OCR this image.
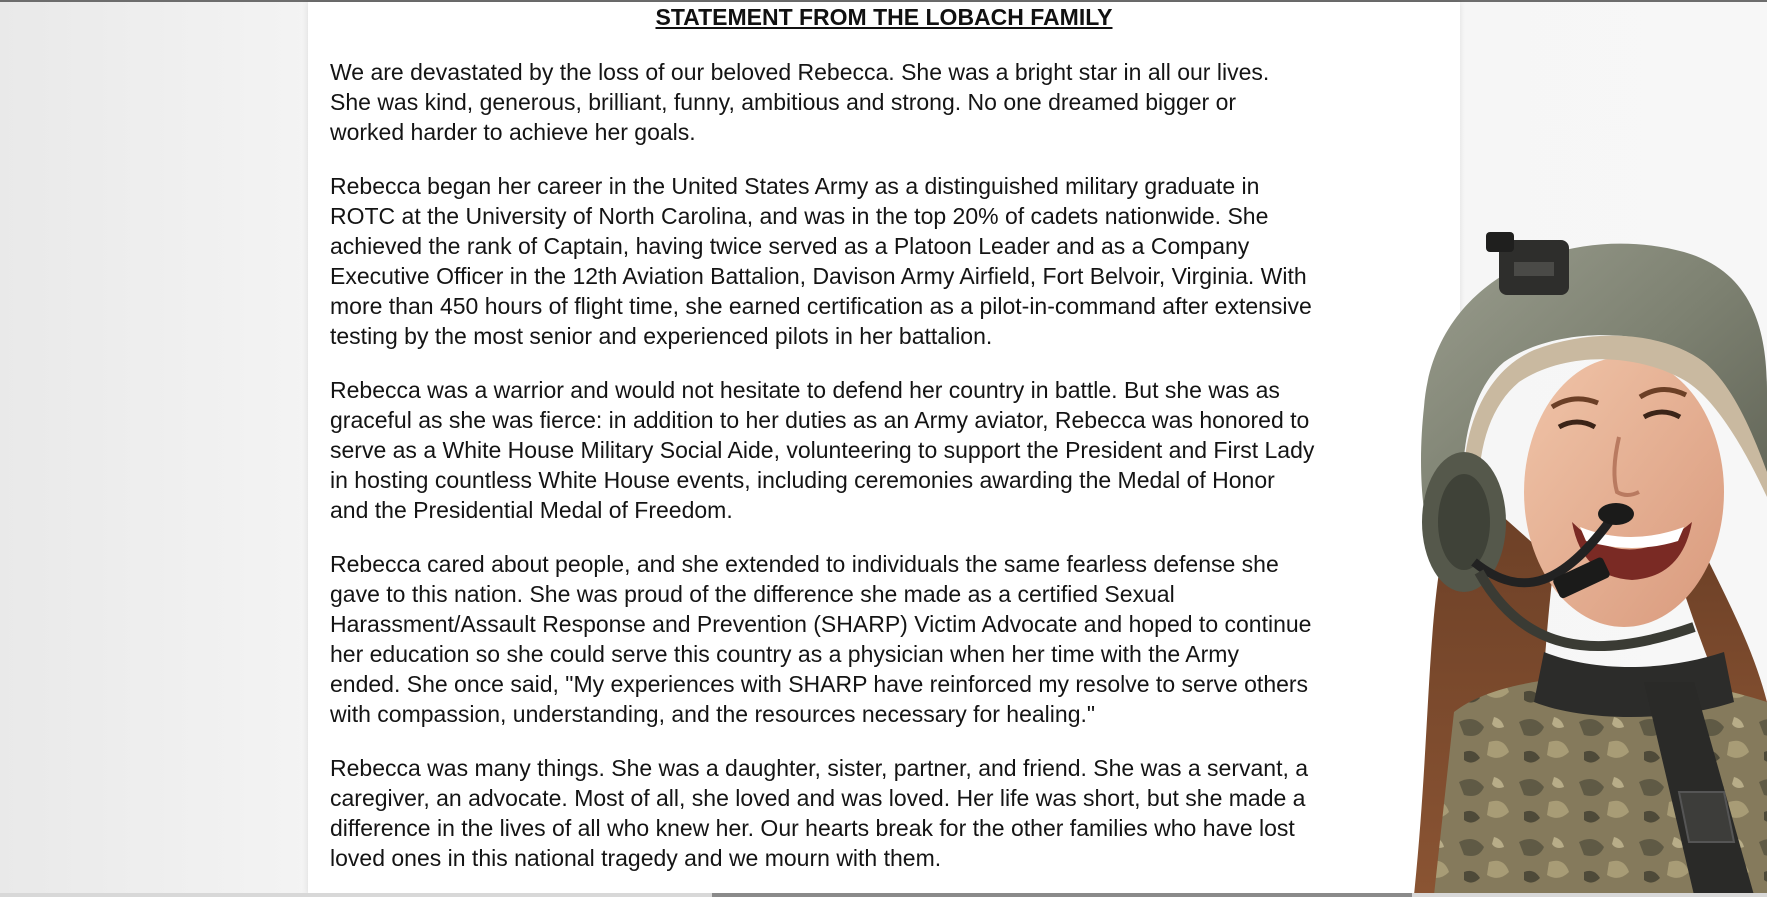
STATEMENT FROM THE LOBACH FAMILY

We are devastated by the loss of our beloved Rebecca. She was a bright star in all our lives.
She was kind, generous, brilliant, funny, ambitious and strong. No one dreamed bigger or
worked harder to achieve her goals.

Rebecca began her career in the United States Army as a distinguished military graduate in
ROTC at the University of North Carolina, and was in the top 20% of cadets nationwide. She
achieved the rank of Captain, having twice served as a Platoon Leader and as a Company
Executive Officer in the 12th Aviation Battalion, Davison Army Airfield, Fort Belvoir, Virginia. With
more than 450 hours of flight time, she earned certification as a pilot-in-command after extensive
testing by the most senior and experienced pilots in her battalion.

Rebecca was a warrior and would not hesitate to defend her country in battle. But she was as
graceful as she was fierce: in addition to her duties as an Army aviator, Rebecca was honored to
serve as a White House Military Social Aide, volunteering to support the President and First Lady
in hosting countless White House events, including ceremonies awarding the Medal of Honor
and the Presidential Medal of Freedom.

Rebecca cared about people, and she extended to individuals the same fearless defense she
gave to this nation. She was proud of the difference she made as a certified Sexual
Harassment/Assault Response and Prevention (SHARP) Victim Advocate and hoped to continue
her education so she could serve this country as a physician when her time with the Army
ended. She once said, "My experiences with SHARP have reinforced my resolve to serve others
with compassion, understanding, and the resources necessary for healing."

Rebecca was many things. She was a daughter, sister, partner, and friend. She was a servant, a
caregiver, an advocate. Most of all, she loved and was loved. Her life was short, but she made a
difference in the lives of all who knew her. Our hearts break for the other families who have lost
loved ones in this national tragedy and we mourn with them.
